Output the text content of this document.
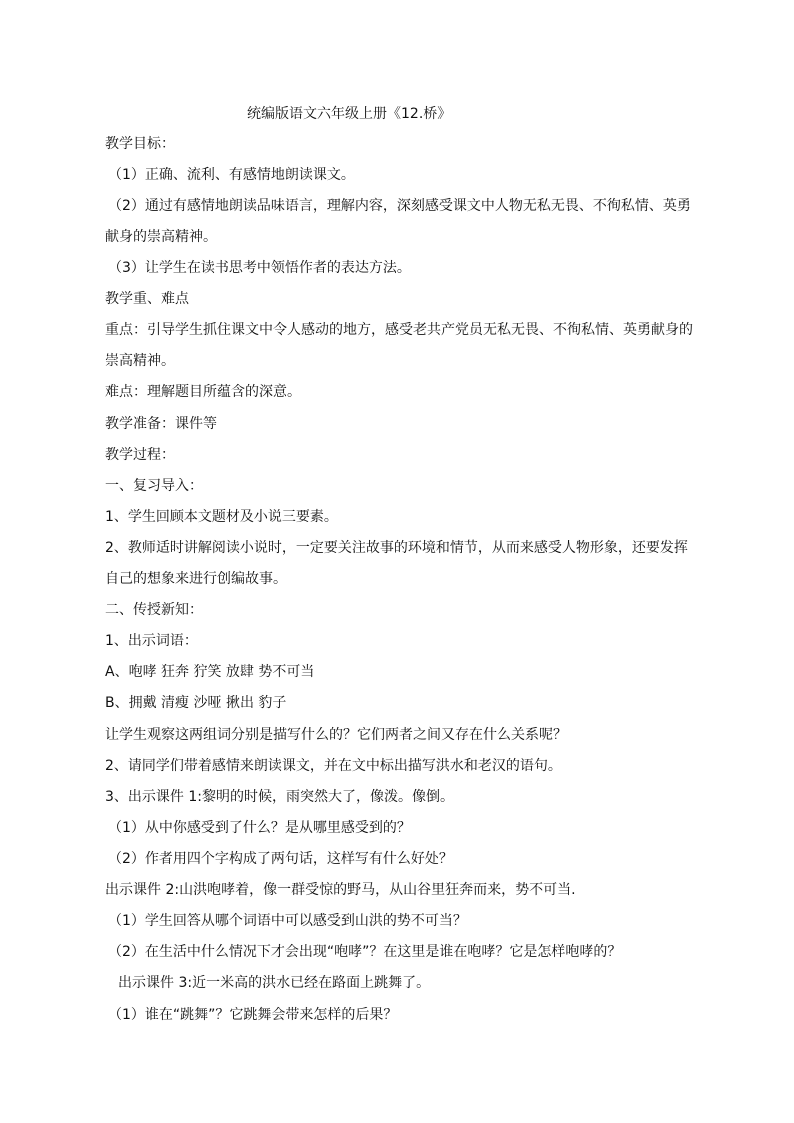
统编版语文六年级上册《12.桥》
教学目标：
（1）正确、流利、有感情地朗读课文。
（2）通过有感情地朗读品味语言，理解内容，深刻感受课文中人物无私无畏、不徇私情、英勇
献身的崇高精神。
（3）让学生在读书思考中领悟作者的表达方法。
教学重、难点
重点：引导学生抓住课文中令人感动的地方，感受老共产党员无私无畏、不徇私情、英勇献身的
崇高精神。
难点：理解题目所蕴含的深意。
教学准备：课件等
教学过程：
一、复习导入：
1、学生回顾本文题材及小说三要素。
2、教师适时讲解阅读小说时，一定要关注故事的环境和情节，从而来感受人物形象，还要发挥
自己的想象来进行创编故事。
二、传授新知：
1、出示词语：
A、咆哮 狂奔 狞笑 放肆 势不可当
B、拥戴 清瘦 沙哑 揪出 豹子
让学生观察这两组词分别是描写什么的？它们两者之间又存在什么关系呢？
2、请同学们带着感情来朗读课文，并在文中标出描写洪水和老汉的语句。
3、出示课件 1:黎明的时候，雨突然大了，像泼。像倒。
（1）从中你感受到了什么？是从哪里感受到的？
（2）作者用四个字构成了两句话，这样写有什么好处？
出示课件 2:山洪咆哮着，像一群受惊的野马，从山谷里狂奔而来，势不可当.
（1）学生回答从哪个词语中可以感受到山洪的势不可当？
（2）在生活中什么情况下才会出现“咆哮”？在这里是谁在咆哮？它是怎样咆哮的？
出示课件 3:近一米高的洪水已经在路面上跳舞了。
（1）谁在“跳舞”？它跳舞会带来怎样的后果？
